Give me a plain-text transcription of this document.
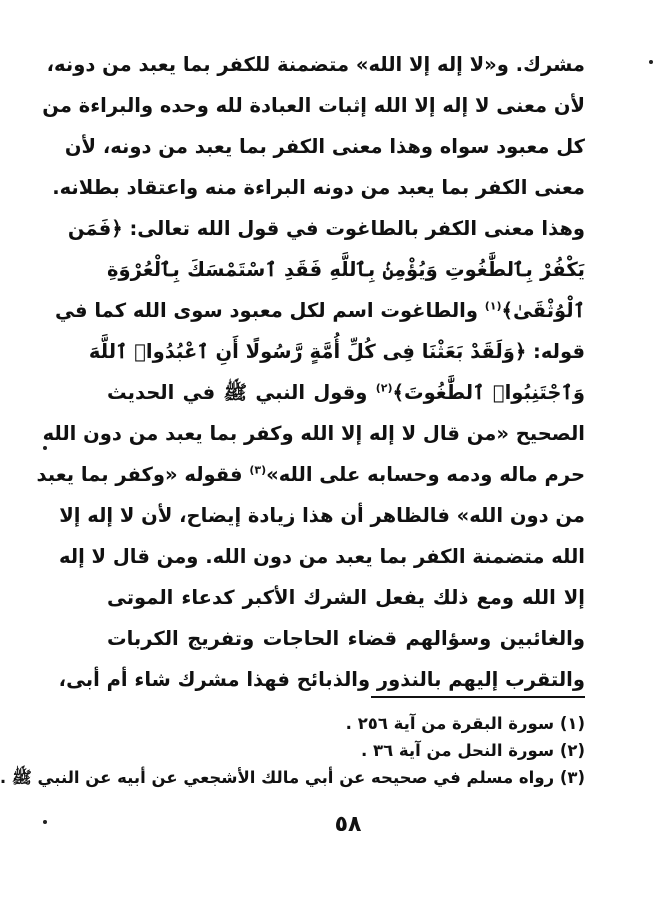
مشرك. و«لا إله إلا الله» متضمنة للكفر بما يعبد من دونه،
لأن معنى لا إله إلا الله إثبات العبادة لله وحده والبراءة من
كل معبود سواه وهذا معنى الكفر بما يعبد من دونه، لأن
معنى الكفر بما يعبد من دونه البراءة منه واعتقاد بطلانه.
وهذا معنى الكفر بالطاغوت في قول الله تعالى: ﴿فَمَن
يَكْفُرْ بِٱلطَّٰغُوتِ وَيُؤْمِنۢ بِٱللَّهِ فَقَدِ ٱسْتَمْسَكَ بِٱلْعُرْوَةِ
ٱلْوُثْقَىٰ﴾$^{(١)}$ والطاغوت اسم لكل معبود سوى الله كما في
قوله: ﴿وَلَقَدْ بَعَثْنَا فِى كُلِّ أُمَّةٍ رَّسُولًا أَنِ ٱعْبُدُوا۟ ٱللَّهَ
وَٱجْتَنِبُوا۟ ٱلطَّٰغُوتَ﴾$^{(٢)}$ وقول النبي ﷺ في الحديث
الصحيح «من قال لا إله إلا الله وكفر بما يعبد من دون الله
حرم ماله ودمه وحسابه على الله»$^{(٣)}$ فقوله «وكفر بما يعبد
من دون الله» فالظاهر أن هذا زيادة إيضاح، لأن لا إله إلا
الله متضمنة الكفر بما يعبد من دون الله. ومن قال لا إله
إلا الله ومع ذلك يفعل الشرك الأكبر كدعاء الموتى
والغائبين وسؤالهم قضاء الحاجات وتفريج الكربات
والتقرب إليهم بالنذور والذبائح فهذا مشرك شاء أم أبى،
(١) سورة البقرة من آية ٢٥٦ .
(٢) سورة النحل من آية ٣٦ .
(٣) رواه مسلم في صحيحه عن أبي مالك الأشجعي عن أبيه عن النبي ﷺ .
٥٨
